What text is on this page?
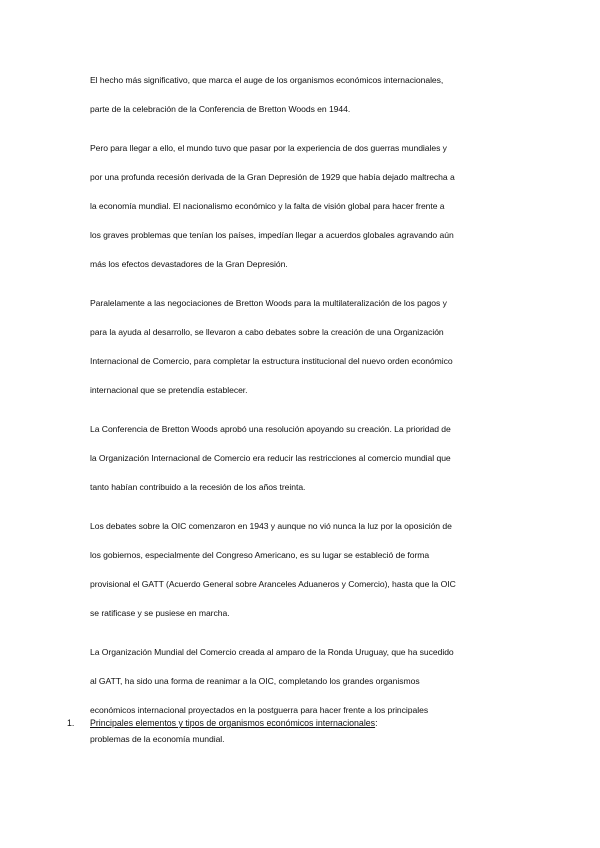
El hecho más significativo, que marca el auge de los organismos económicos internacionales,
parte de la celebración de la Conferencia de Bretton Woods en 1944.
Pero para llegar a ello, el mundo tuvo que pasar por la experiencia de dos guerras mundiales y
por una profunda recesión derivada de la Gran Depresión de 1929 que había dejado maltrecha a
la economía mundial. El nacionalismo económico y la falta de visión global para hacer frente a
los graves problemas que tenían los países, impedían llegar a acuerdos globales agravando aún
más los efectos devastadores de la Gran Depresión.
Paralelamente a las negociaciones de Bretton Woods para la multilateralización de los pagos y
para la ayuda al desarrollo, se llevaron a cabo debates sobre la creación de una Organización
Internacional de Comercio, para completar la estructura institucional del nuevo orden económico
internacional que se pretendía establecer.
La Conferencia de Bretton Woods aprobó una resolución apoyando su creación. La prioridad de
la Organización Internacional de Comercio era reducir las restricciones al comercio mundial que
tanto habían contribuido a la recesión de los años treinta.
Los debates sobre la OIC comenzaron en 1943 y aunque no vió nunca la luz por la oposición de
los gobiernos, especialmente del Congreso Americano, es su lugar se estableció de forma
provisional el GATT (Acuerdo General sobre Aranceles Aduaneros y Comercio), hasta que la OIC
se ratificase y se pusiese en marcha.
La Organización Mundial del Comercio creada al amparo de la Ronda Uruguay, que ha sucedido
al GATT, ha sido una forma de reanimar a la OIC, completando los grandes organismos
económicos internacional proyectados en la postguerra para hacer frente a los principales
problemas de la economía mundial.
1. Principales elementos y tipos de organismos económicos internacionales:
